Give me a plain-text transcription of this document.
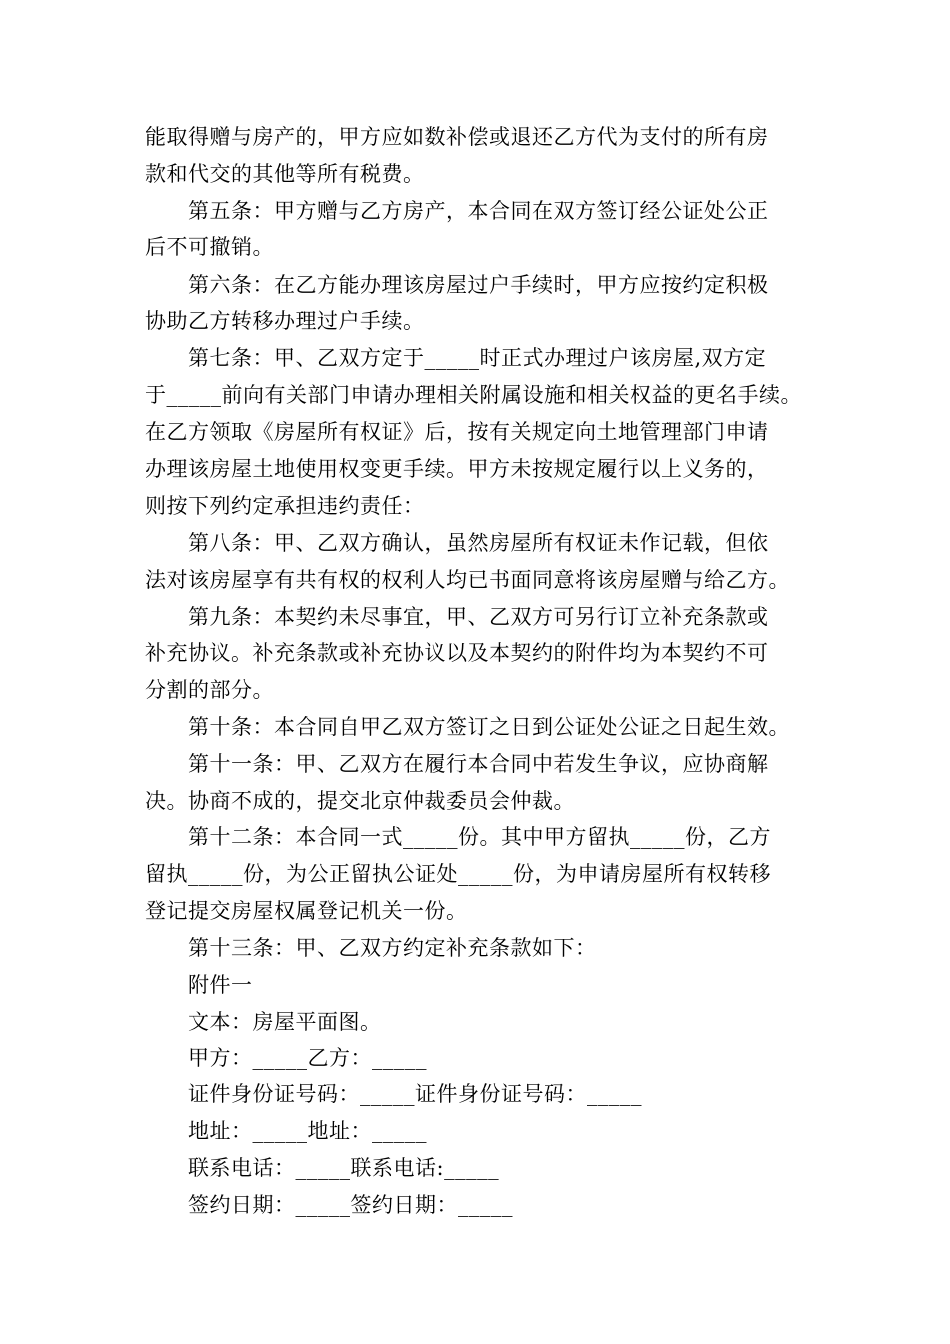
能取得赠与房产的，甲方应如数补偿或退还乙方代为支付的所有房
款和代交的其他等所有税费。
第五条：甲方赠与乙方房产，本合同在双方签订经公证处公正
后不可撤销。
第六条：在乙方能办理该房屋过户手续时，甲方应按约定积极
协助乙方转移办理过户手续。
第七条：甲、乙双方定于_____时正式办理过户该房屋,双方定
于_____前向有关部门申请办理相关附属设施和相关权益的更名手续。
在乙方领取《房屋所有权证》后，按有关规定向土地管理部门申请
办理该房屋土地使用权变更手续。甲方未按规定履行以上义务的，
则按下列约定承担违约责任：
第八条：甲、乙双方确认，虽然房屋所有权证未作记载，但依
法对该房屋享有共有权的权利人均已书面同意将该房屋赠与给乙方。
第九条：本契约未尽事宜，甲、乙双方可另行订立补充条款或
补充协议。补充条款或补充协议以及本契约的附件均为本契约不可
分割的部分。
第十条：本合同自甲乙双方签订之日到公证处公证之日起生效。
第十一条：甲、乙双方在履行本合同中若发生争议，应协商解
决。协商不成的，提交北京仲裁委员会仲裁。
第十二条：本合同一式_____份。其中甲方留执_____份，乙方
留执_____份，为公正留执公证处_____份，为申请房屋所有权转移
登记提交房屋权属登记机关一份。
第十三条：甲、乙双方约定补充条款如下：
附件一
文本：房屋平面图。
甲方：_____乙方：_____
证件身份证号码：_____证件身份证号码：_____
地址：_____地址：_____
联系电话：_____联系电话:_____
签约日期：_____签约日期：_____
